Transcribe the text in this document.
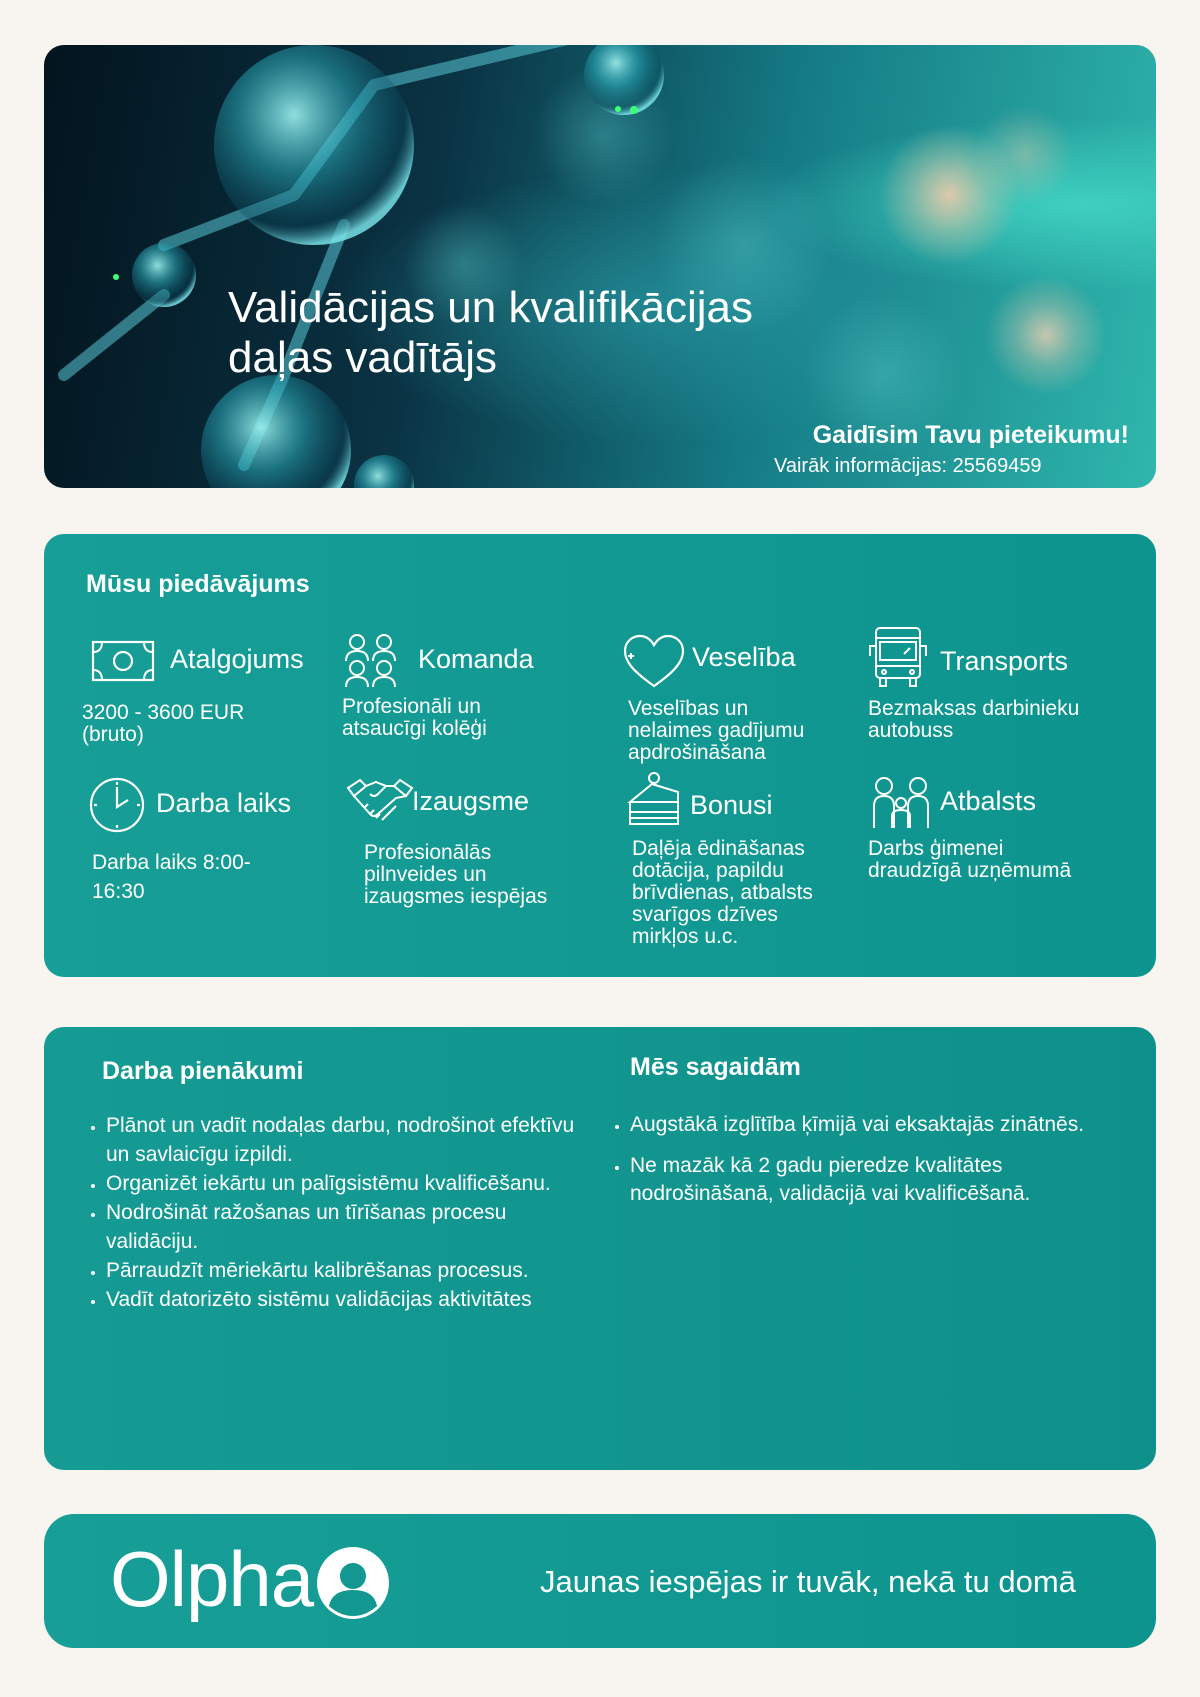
Validācijas un kvalifikācijas
daļas vadītājs

Gaidīsim Tavu pieteikumu!

Vairāk informācijas: 25569459

Mūsu piedāvājums
Atalgojums
3200 - 3600 EUR
(bruto)
Komanda
Profesionāli un
atsaucīgi kolēģi
Veselība
Veselības un
nelaimes gadījumu
apdrošināšana
Transports
Bezmaksas darbinieku
autobuss
Darba laiks
Darba laiks 8:00-
16:30
Izaugsme
Profesionālās
pilnveides un
izaugsmes iespējas
Bonusi
Daļēja ēdināšanas
dotācija, papildu
brīvdienas, atbalsts
svarīgos dzīves
mirkļos u.c.
Atbalsts
Darbs ģimenei
draudzīgā uzņēmumā
Darba pienākumi
• Plānot un vadīt nodaļas darbu, nodrošinot efektīvu un savlaicīgu izpildi.
• Organizēt iekārtu un palīgsistēmu kvalificēšanu.
• Nodrošināt ražošanas un tīrīšanas procesu validāciju.
• Pārraudzīt mēriekārtu kalibrēšanas procesus.
• Vadīt datorizēto sistēmu validācijas aktivitātes
Mēs sagaidām
• Augstākā izglītība ķīmijā vai eksaktajās zinātnēs.
• Ne mazāk kā 2 gadu pieredze kvalitātes nodrošināšanā, validācijā vai kvalificēšanā.
Olpha	Jaunas iespējas ir tuvāk, nekā tu domā
